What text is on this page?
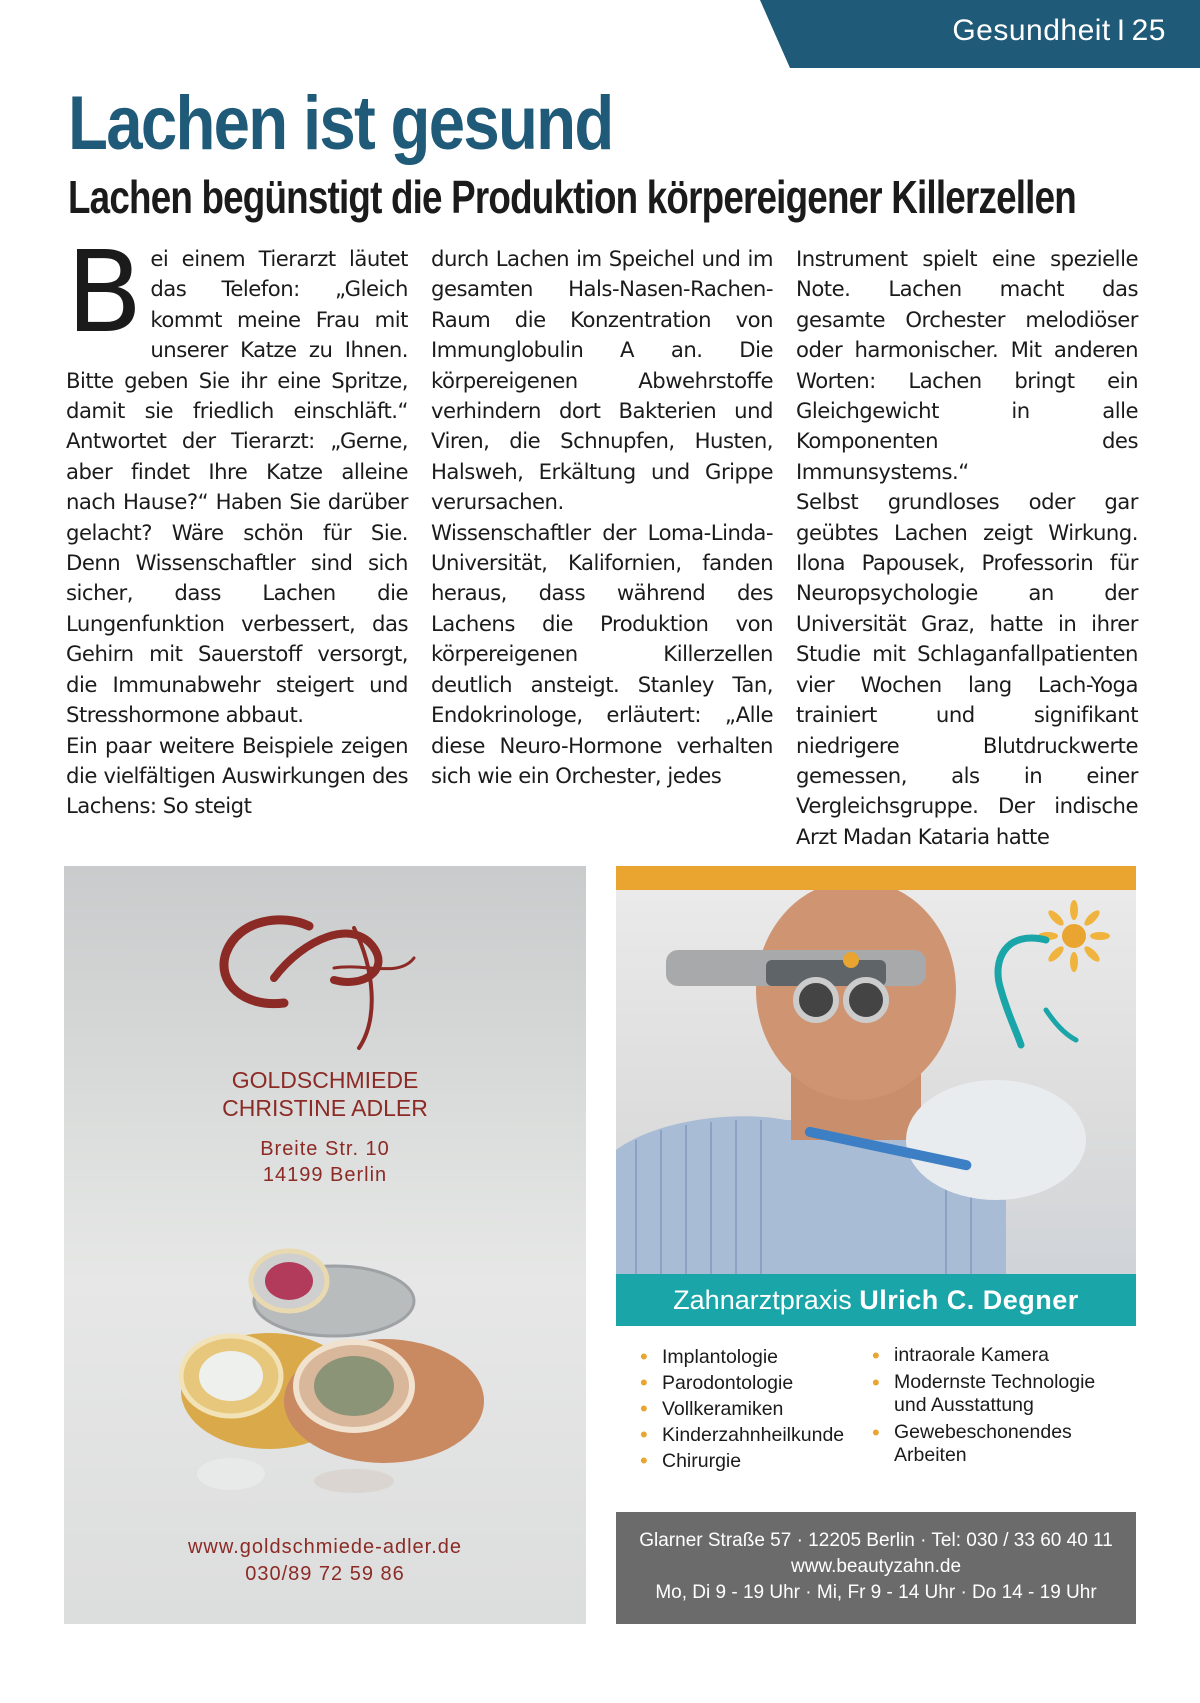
Gesundheit I 25
Lachen ist gesund
Lachen begünstigt die Produktion körpereigener Killerzellen
Bei einem Tierarzt läutet das Telefon: „Gleich kommt meine Frau mit unserer Katze zu Ihnen. Bitte geben Sie ihr eine Spritze, damit sie friedlich einschläft.“ Antwortet der Tierarzt: „Gerne, aber findet Ihre Katze alleine nach Hause?“ Haben Sie darüber gelacht? Wäre schön für Sie. Denn Wissenschaftler sind sich sicher, dass Lachen die Lungenfunktion verbessert, das Gehirn mit Sauerstoff versorgt, die Immunabwehr steigert und Stresshormone abbaut.
Ein paar weitere Beispiele zeigen die vielfältigen Auswirkungen des Lachens: So steigt
durch Lachen im Speichel und im gesamten Hals-Nasen-Rachen-Raum die Konzentration von Immunglobulin A an. Die körpereigenen Abwehrstoffe verhindern dort Bakterien und Viren, die Schnupfen, Husten, Halsweh, Erkältung und Grippe verursachen.
Wissenschaftler der Loma-Linda-Universität, Kalifornien, fanden heraus, dass während des Lachens die Produktion von körpereigenen Killerzellen deutlich ansteigt. Stanley Tan, Endokrinologe, erläutert: „Alle diese Neuro-Hormone verhalten sich wie ein Orchester, jedes
Instrument spielt eine spezielle Note. Lachen macht das gesamte Orchester melodiöser oder harmonischer. Mit anderen Worten: Lachen bringt ein Gleichgewicht in alle Komponenten des Immunsystems.“
Selbst grundloses oder gar geübtes Lachen zeigt Wirkung. Ilona Papousek, Professorin für Neuropsychologie an der Universität Graz, hatte in ihrer Studie mit Schlaganfallpatienten vier Wochen lang Lach-Yoga trainiert und signifikant niedrigere Blutdruckwerte gemessen, als in einer Vergleichsgruppe. Der indische Arzt Madan Kataria hatte
GOLDSCHMIEDE
CHRISTINE ADLER
Breite Str. 10
14199 Berlin
www.goldschmiede-adler.de
030/89 72 59 86
Zahnarztpraxis Ulrich C. Degner
• Implantologie
• Parodontologie
• Vollkeramiken
• Kinderzahnheilkunde
• Chirurgie
• intraorale Kamera
• Modernste Technologie
und Ausstattung
• Gewebeschonendes
Arbeiten
Glarner Straße 57 · 12205 Berlin · Tel: 030 / 33 60 40 11
www.beautyzahn.de
Mo, Di 9 - 19 Uhr · Mi, Fr 9 - 14 Uhr · Do 14 - 19 Uhr
